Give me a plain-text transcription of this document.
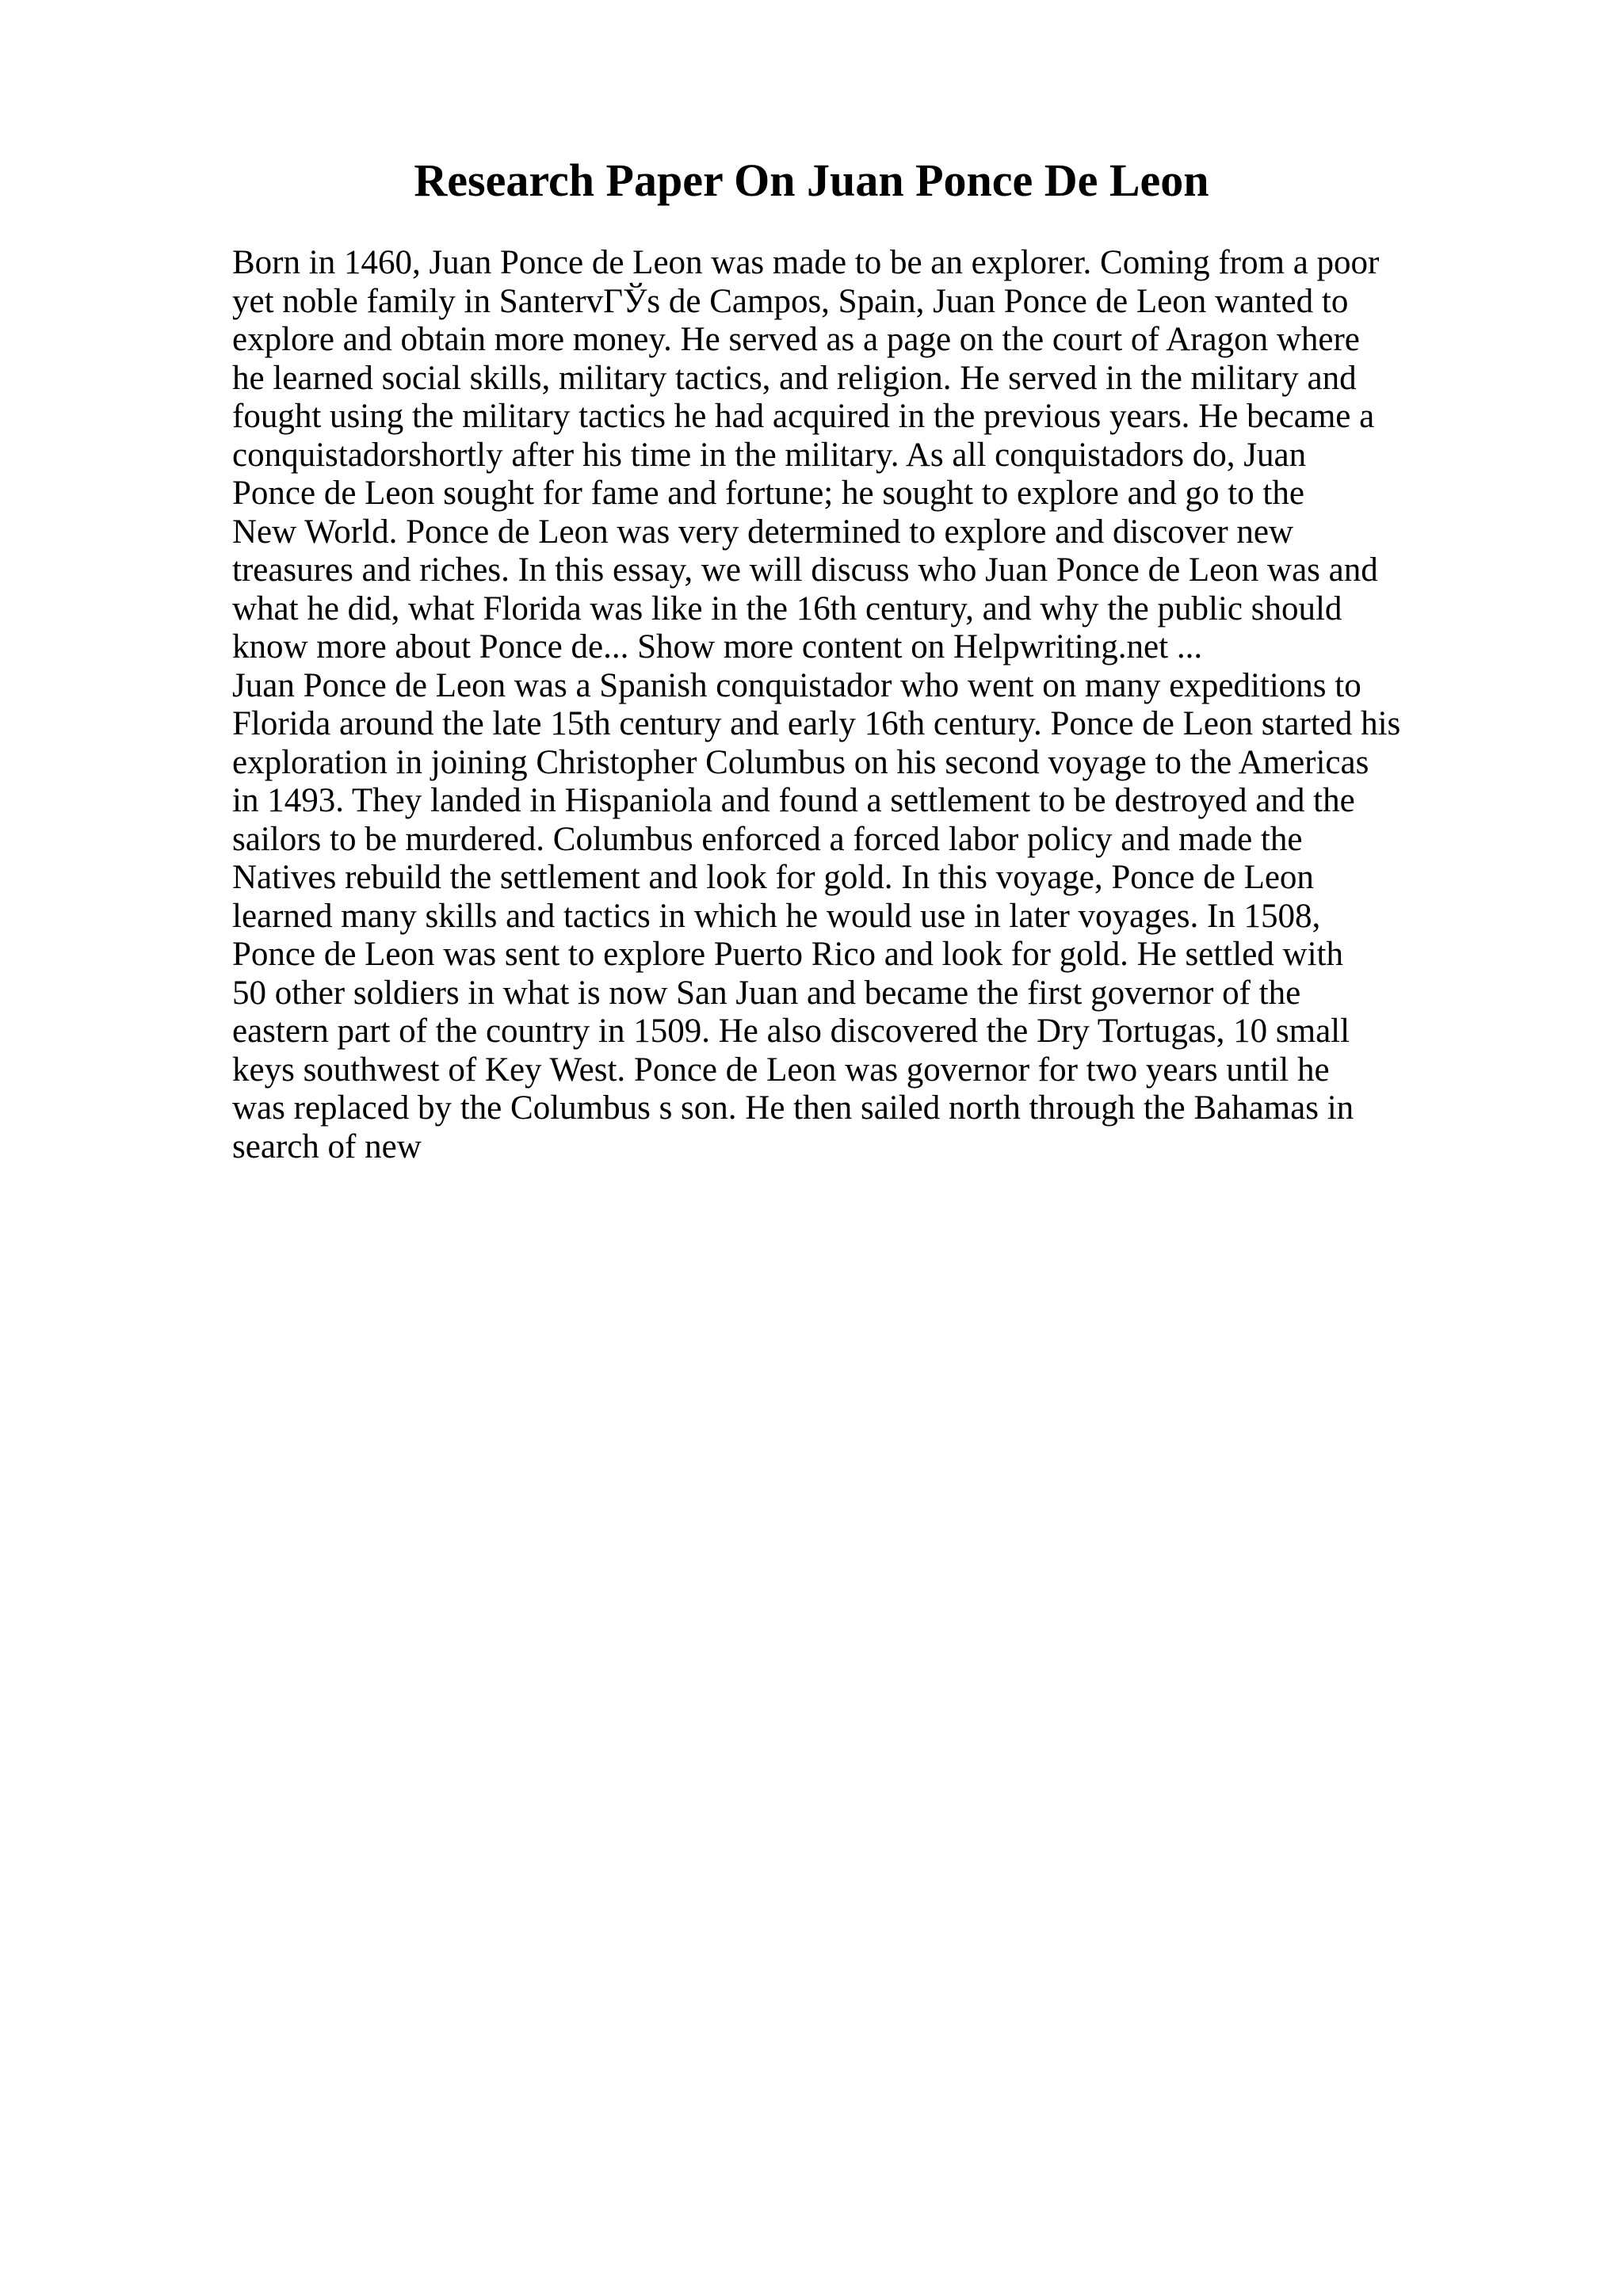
Research Paper On Juan Ponce De Leon
Born in 1460, Juan Ponce de Leon was made to be an explorer. Coming from a poor
yet noble family in SantervГЎs de Campos, Spain, Juan Ponce de Leon wanted to
explore and obtain more money. He served as a page on the court of Aragon where
he learned social skills, military tactics, and religion. He served in the military and
fought using the military tactics he had acquired in the previous years. He became a
conquistadorshortly after his time in the military. As all conquistadors do, Juan
Ponce de Leon sought for fame and fortune; he sought to explore and go to the
New World. Ponce de Leon was very determined to explore and discover new
treasures and riches. In this essay, we will discuss who Juan Ponce de Leon was and
what he did, what Florida was like in the 16th century, and why the public should
know more about Ponce de... Show more content on Helpwriting.net ...
Juan Ponce de Leon was a Spanish conquistador who went on many expeditions to
Florida around the late 15th century and early 16th century. Ponce de Leon started his
exploration in joining Christopher Columbus on his second voyage to the Americas
in 1493. They landed in Hispaniola and found a settlement to be destroyed and the
sailors to be murdered. Columbus enforced a forced labor policy and made the
Natives rebuild the settlement and look for gold. In this voyage, Ponce de Leon
learned many skills and tactics in which he would use in later voyages. In 1508,
Ponce de Leon was sent to explore Puerto Rico and look for gold. He settled with
50 other soldiers in what is now San Juan and became the first governor of the
eastern part of the country in 1509. He also discovered the Dry Tortugas, 10 small
keys southwest of Key West. Ponce de Leon was governor for two years until he
was replaced by the Columbus s son. He then sailed north through the Bahamas in
search of new
